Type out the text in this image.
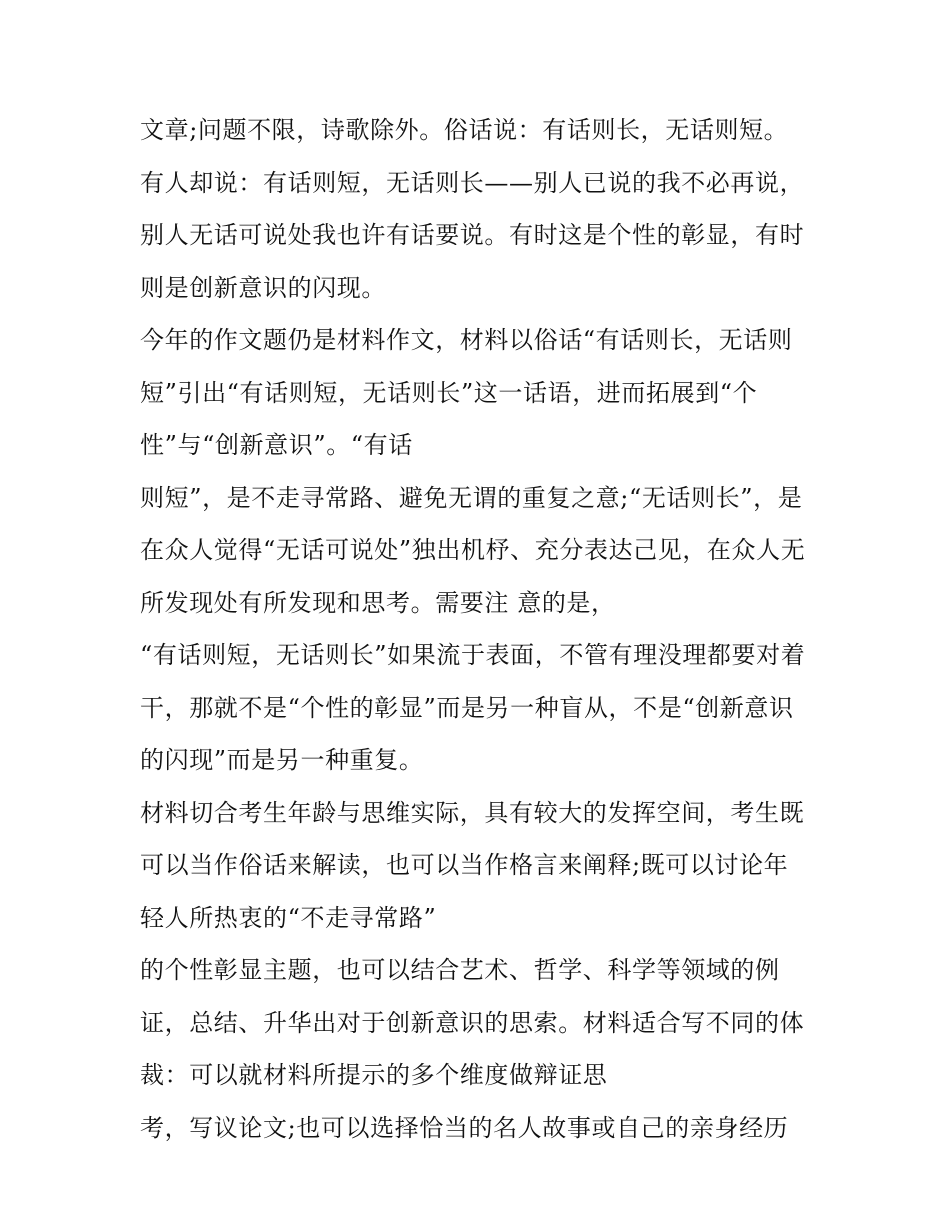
文章;问题不限，诗歌除外。俗话说：有话则长，无话则短。
有人却说：有话则短，无话则长——别人已说的我不必再说，
别人无话可说处我也许有话要说。有时这是个性的彰显，有时
则是创新意识的闪现。
今年的作文题仍是材料作文，材料以俗话“有话则长，无话则
短”引出“有话则短，无话则长”这一话语，进而拓展到“个
性”与“创新意识”。“有话
则短”，是不走寻常路、避免无谓的重复之意;“无话则长”，是
在众人觉得“无话可说处”独出机杼、充分表达己见，在众人无
所发现处有所发现和思考。需要注 意的是，
“有话则短，无话则长”如果流于表面，不管有理没理都要对着
干，那就不是“个性的彰显”而是另一种盲从，不是“创新意识
的闪现”而是另一种重复。
材料切合考生年龄与思维实际，具有较大的发挥空间，考生既
可以当作俗话来解读，也可以当作格言来阐释;既可以讨论年
轻人所热衷的“不走寻常路”
的个性彰显主题，也可以结合艺术、哲学、科学等领域的例
证，总结、升华出对于创新意识的思索。材料适合写不同的体
裁：可以就材料所提示的多个维度做辩证思
考，写议论文;也可以选择恰当的名人故事或自己的亲身经历
